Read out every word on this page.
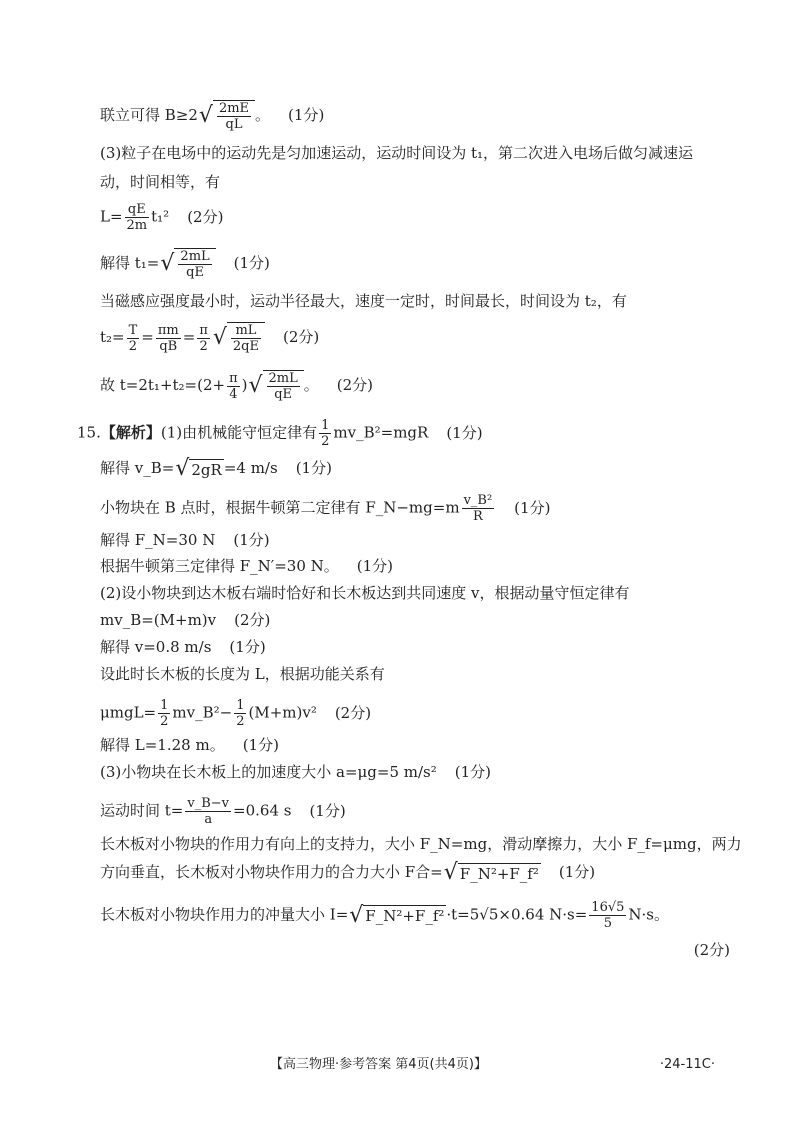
联立可得 $B\ge 2√ \frac{2mE}{qL}$ 。 (1分)
(3)粒子在电场中的运动先是匀加速运动，运动时间设为 t₁，第二次进入电场后做匀减速运
动，时间相等，有
$L= \frac{qE}{2m} t_1^2$ (2分)
解得 $t_1=√ \frac{2mL}{qE} (1$分)
当磁感应强度最小时，运动半径最大，速度一定时，时间最长，时间设为 t₂，有
$t_2= \frac{T}{2} = \frac{\pi m}{qB} = \frac{\pi}{2}$ √ $\frac{mL}{2qE} (2$分)
故 $t=2t_1+t_2=(2+ \frac{\pi}{4}$ )√ $\frac{2mL}{qE}$ 。 (2分)
15.【解析】(1)由机械能守恒定律有 $\frac{1}{2}$ mv_B²=mgR (1分)
解得 v_B=√ 2gR =4 m/s (1分)
小物块在 B 点时，根据牛顿第二定律有 F_N−mg=m $\frac{\text{v\_B²}}{R} (1$分)
解得 F_N=30 N (1分)
根据牛顿第三定律得 F_N′=30 N。 (1分)
(2)设小物块到达木板右端时恰好和长木板达到共同速度 v，根据动量守恒定律有
mv_B=(M+m)v (2分)
解得 v=0.8 m/s (1分)
设此时长木板的长度为 L，根据功能关系有
$\mu mgL= \frac{1}{2}$ mv_B²− $\frac{1}{2} (M+m)v^2$ (2分)
解得 L=1.28 m。 (1分)
(3)小物块在长木板上的加速度大小 a=μg=5 m/s² (1分)
运动时间 $t= \frac{v\_B-v}{a} =0.64$ s (1分)
长木板对小物块的作用力有向上的支持力，大小 F_N=mg，滑动摩擦力，大小 F_f=μmg，两力
方向垂直，长木板对小物块作用力的合力大小 F合=√ F_N²+F_f² (1分)
长木板对小物块作用力的冲量大小 I=√ F_N²+F_f² ·t=5√5×0.64 $N\cdot s= \frac{16√5}{5} N\cdot s$。
(2分)
【高三物理·参考答案 第4页(共4页)】	·24-11C·
